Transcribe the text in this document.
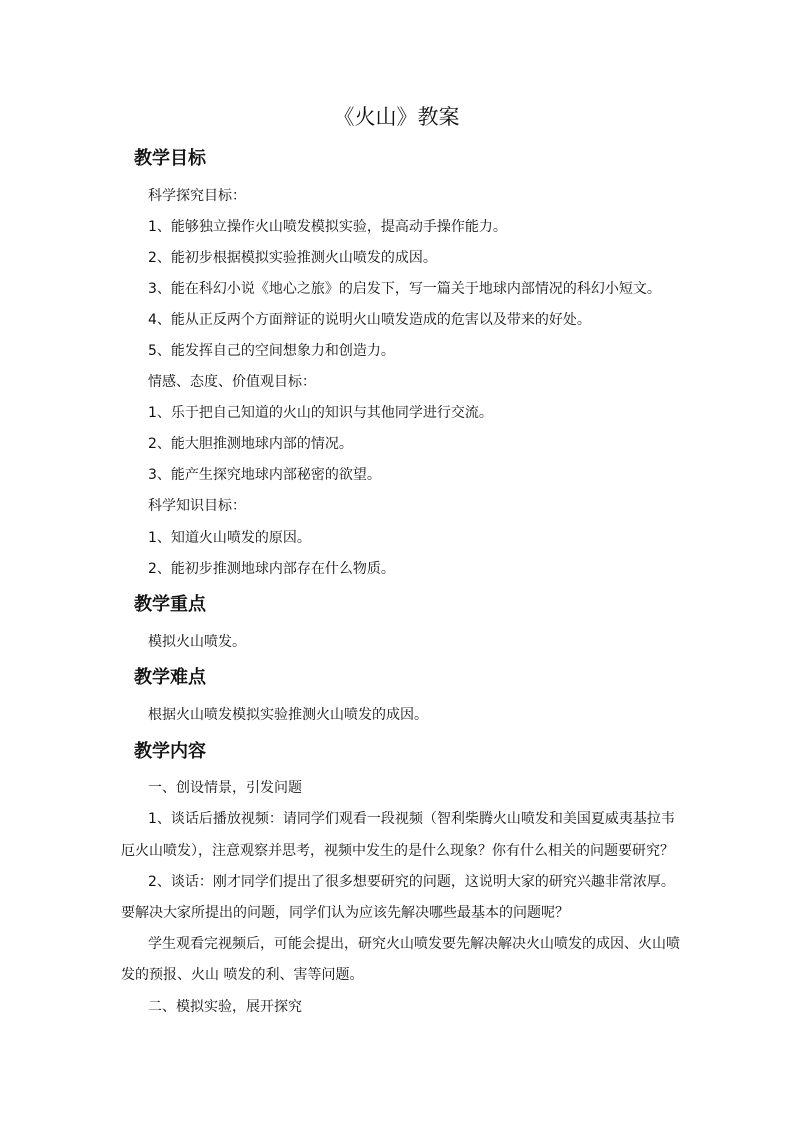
《火山》教案
教学目标

科学探究目标：

1、能够独立操作火山喷发模拟实验，提高动手操作能力。

2、能初步根据模拟实验推测火山喷发的成因。

3、能在科幻小说《地心之旅》的启发下，写一篇关于地球内部情况的科幻小短文。

4、能从正反两个方面辩证的说明火山喷发造成的危害以及带来的好处。

5、能发挥自己的空间想象力和创造力。

情感、态度、价值观目标：

1、乐于把自己知道的火山的知识与其他同学进行交流。

2、能大胆推测地球内部的情况。

3、能产生探究地球内部秘密的欲望。

科学知识目标：

1、知道火山喷发的原因。

2、能初步推测地球内部存在什么物质。

教学重点

模拟火山喷发。

教学难点

根据火山喷发模拟实验推测火山喷发的成因。

教学内容

一、创设情景，引发问题

1、谈话后播放视频：请同学们观看一段视频（智利柴腾火山喷发和美国夏威夷基拉韦

厄火山喷发），注意观察并思考，视频中发生的是什么现象？你有什么相关的问题要研究？

2、谈话：刚才同学们提出了很多想要研究的问题，这说明大家的研究兴趣非常浓厚。

要解决大家所提出的问题，同学们认为应该先解决哪些最基本的问题呢？

学生观看完视频后，可能会提出，研究火山喷发要先解决解决火山喷发的成因、火山喷

发的预报、火山 喷发的利、害等问题。

二、模拟实验，展开探究
